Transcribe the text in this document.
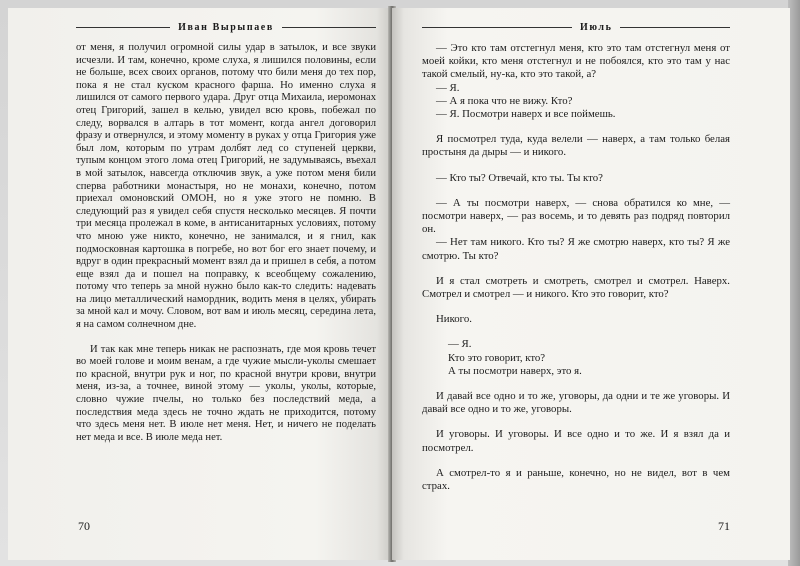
Иван Вырыпаев

от меня, я получил огромной силы удар в затылок, и все звуки исчезли. И там, конечно, кроме слуха, я лишился половины, если не больше, всех своих органов, потому что били меня до тех пор, пока я не стал куском красного фарша. Но именно слуха я лишился от самого первого удара. Друг отца Михаила, иеромонах отец Григорий, зашел в келью, увидел всю кровь, побежал по следу, ворвался в алтарь в тот момент, когда ангел договорил фразу и отвернулся, и этому моменту в руках у отца Григория уже был лом, которым по утрам долбят лед со ступеней церкви, тупым концом этого лома отец Григорий, не задумываясь, въехал в мой затылок, навсегда отключив звук, а уже потом меня били сперва работники монастыря, но не монахи, конечно, потом приехал омоновский ОМОН, но я уже этого не помню. В следующий раз я увидел себя спустя несколько месяцев. Я почти три месяца пролежал в коме, в антисанитарных условиях, потому что мною уже никто, конечно, не занимался, и я гнил, как подмосковная картошка в погребе, но вот бог его знает почему, и вдруг в один прекрасный момент взял да и пришел в себя, а потом еще взял да и пошел на поправку, к всеобщему сожалению, потому что теперь за мной нужно было как-то следить: надевать на лицо металлический намордник, водить меня в целях, убирать за мной кал и мочу. Словом, вот вам и июль месяц, середина лета, я на самом солнечном дне.

И так как мне теперь никак не распознать, где моя кровь течет во моей голове и моим венам, а где чужие мысли-уколы смешает по красной, внутри рук и ног, по красной внутри крови, внутри меня, из-за, а точнее, виной этому — уколы, уколы, которые, словно чужие пчелы, но только без последствий меда, а последствия меда здесь не точно ждать не приходится, потому что здесь меня нет. В июле нет меня. Нет, и ничего не поделать нет меда и все. В июле меда нет.

70
Июль

— Это кто там отстегнул меня, кто это там отстегнул меня от моей койки, кто меня отстегнул и не побоялся, кто это там у нас такой смелый, ну-ка, кто это такой, а?

— Я.

— А я пока что не вижу. Кто?

— Я. Посмотри наверх и все поймешь.

Я посмотрел туда, куда велели — наверх, а там только белая простыня да дыры — и никого.

— Кто ты? Отвечай, кто ты. Ты кто?

— А ты посмотри наверх, — снова обратился ко мне, — посмотри наверх, — раз восемь, и то девять раз подряд повторил он.

— Нет там никого. Кто ты? Я же смотрю наверх, кто ты? Я же смотрю. Ты кто?

И я стал смотреть и смотреть, смотрел и смотрел. Наверх. Смотрел и смотрел — и никого. Кто это говорит, кто?

Никого.

— Я.

Кто это говорит, кто?

А ты посмотри наверх, это я.

И давай все одно и то же, уговоры, да одни и те же уговоры. И давай все одно и то же, уговоры.

И уговоры. И уговоры. И все одно и то же. И я взял да и посмотрел.

А смотрел-то я и раньше, конечно, но не видел, вот в чем страх.

71
